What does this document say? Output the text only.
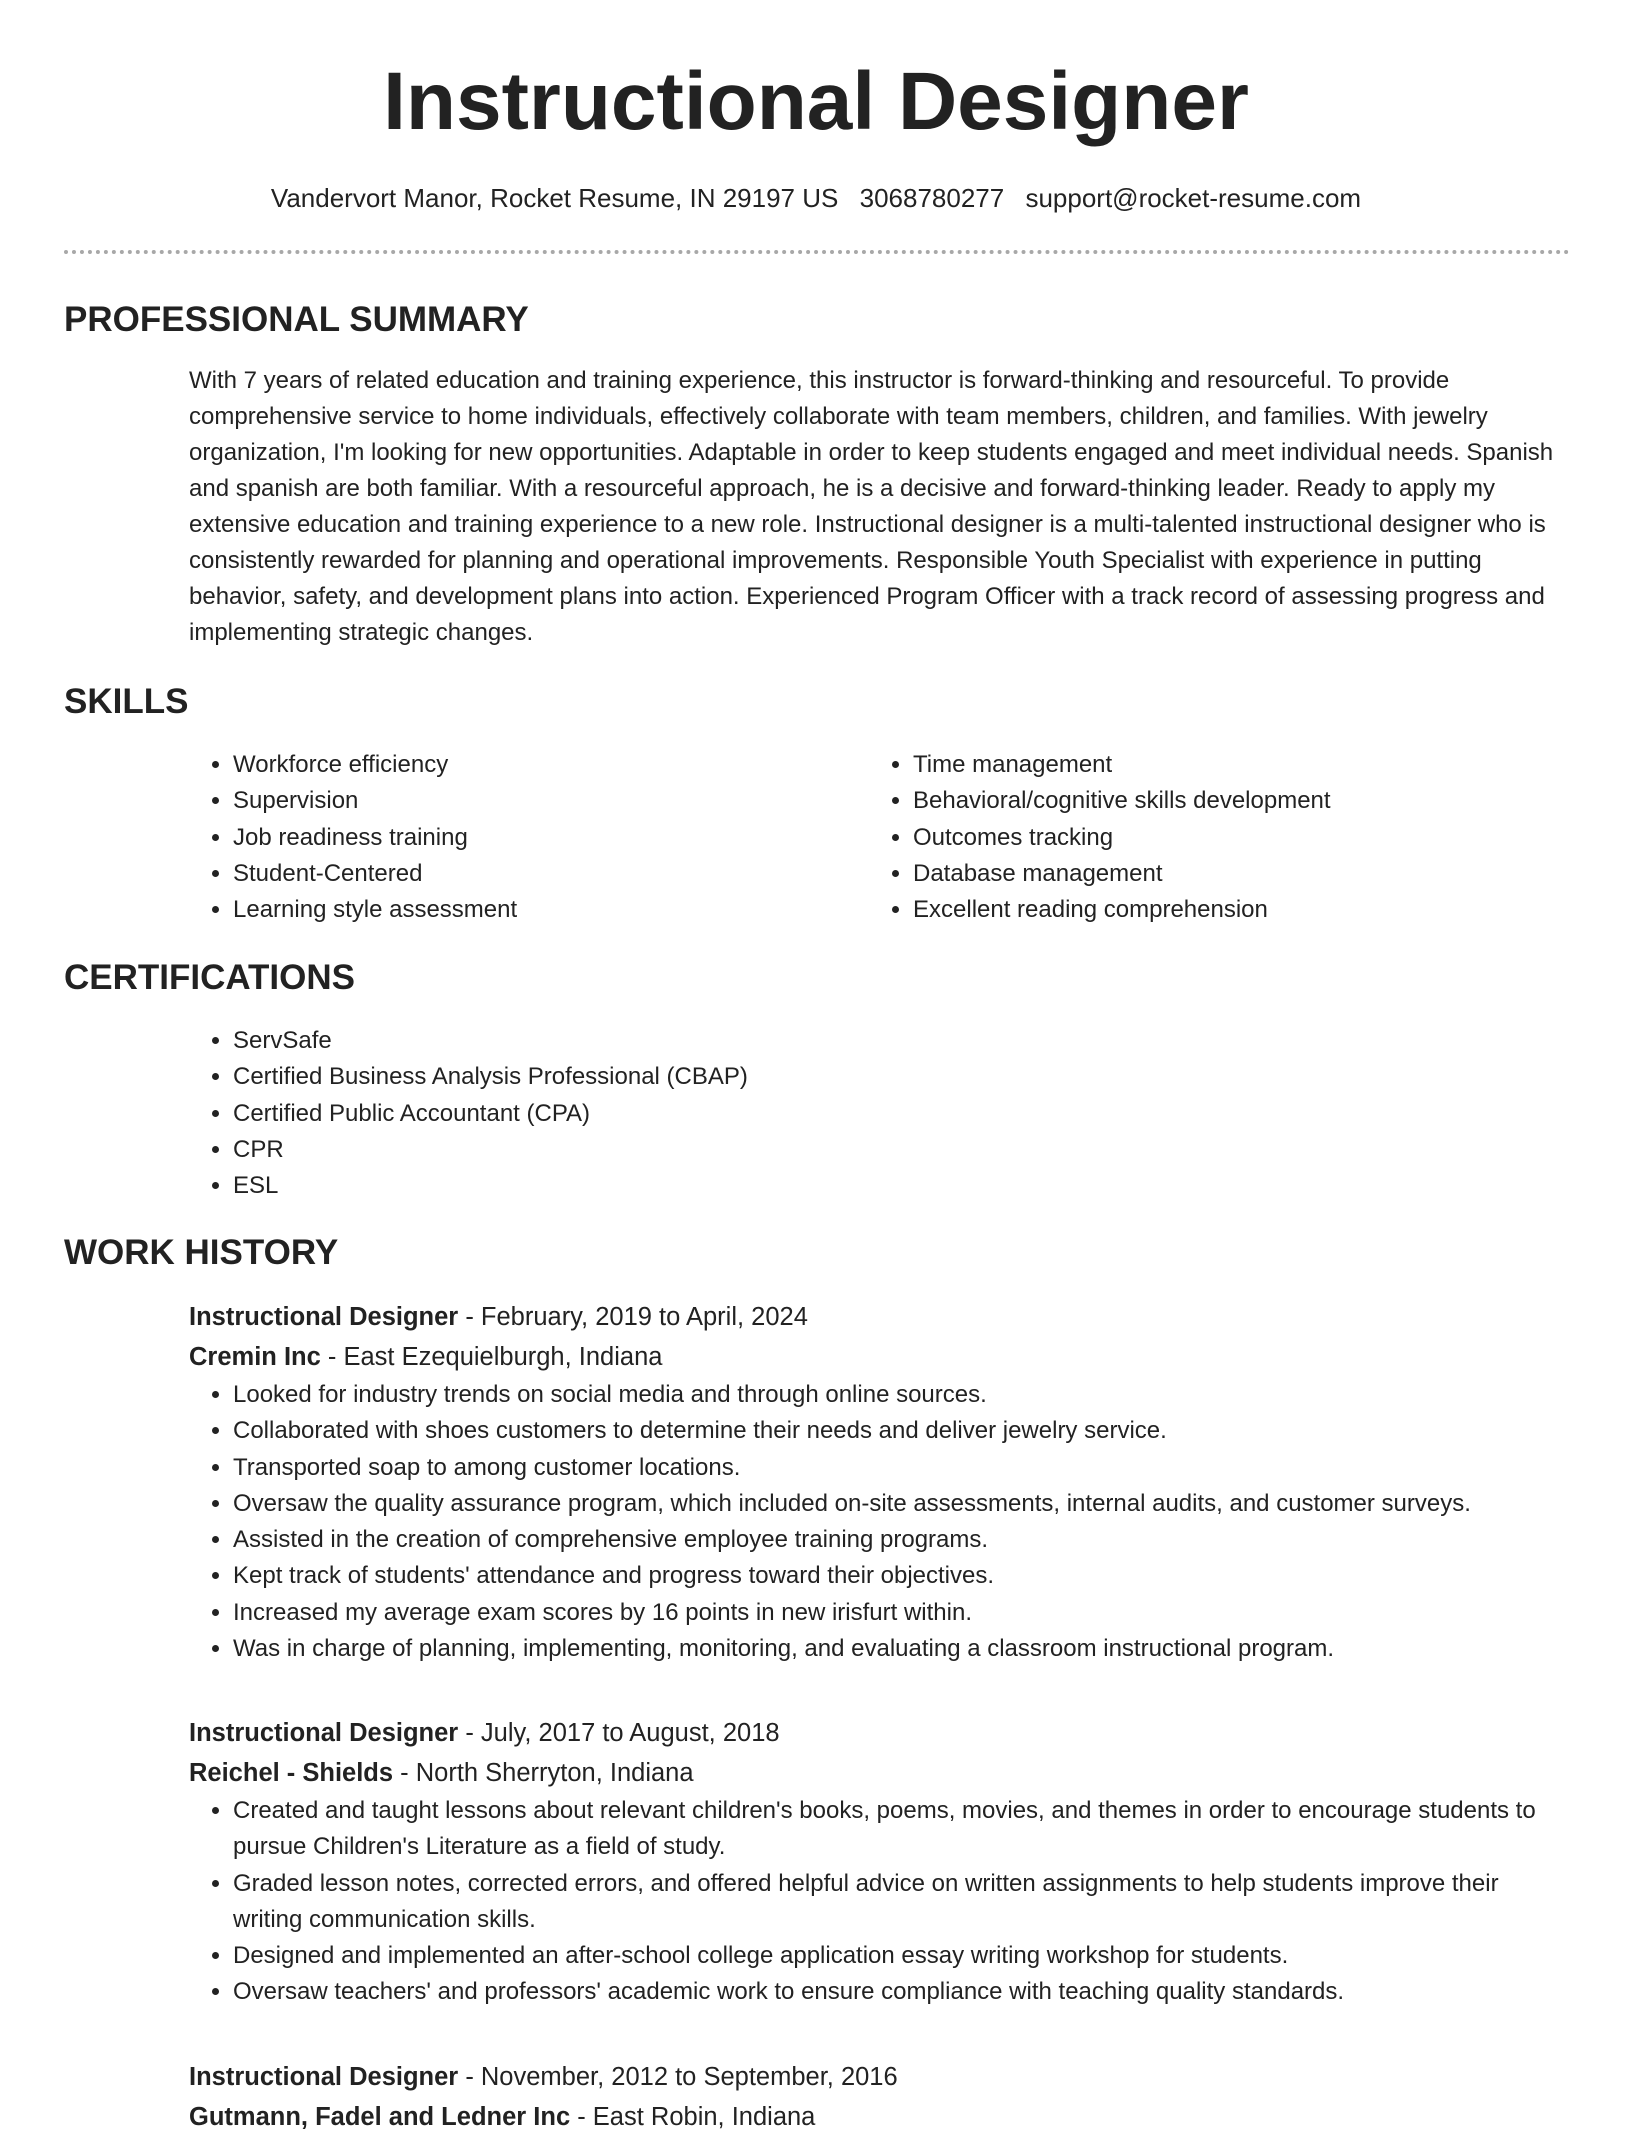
Instructional Designer
Vandervort Manor, Rocket Resume, IN 29197 US 3068780277 support@rocket-resume.com
PROFESSIONAL SUMMARY

With 7 years of related education and training experience, this instructor is forward-thinking and resourceful. To provide comprehensive service to home individuals, effectively collaborate with team members, children, and families. With jewelry organization, I'm looking for new opportunities. Adaptable in order to keep students engaged and meet individual needs. Spanish and spanish are both familiar. With a resourceful approach, he is a decisive and forward-thinking leader. Ready to apply my extensive education and training experience to a new role. Instructional designer is a multi-talented instructional designer who is consistently rewarded for planning and operational improvements. Responsible Youth Specialist with experience in putting behavior, safety, and development plans into action. Experienced Program Officer with a track record of assessing progress and implementing strategic changes.

SKILLS
• Workforce efficiency
• Supervision
• Job readiness training
• Student-Centered
• Learning style assessment
• Time management
• Behavioral/cognitive skills development
• Outcomes tracking
• Database management
• Excellent reading comprehension
CERTIFICATIONS
• ServSafe
• Certified Business Analysis Professional (CBAP)
• Certified Public Accountant (CPA)
• CPR
• ESL
WORK HISTORY

Instructional Designer - February, 2019 to April, 2024

Cremin Inc - East Ezequielburgh, Indiana

• Looked for industry trends on social media and through online sources.
• Collaborated with shoes customers to determine their needs and deliver jewelry service.
• Transported soap to among customer locations.
• Oversaw the quality assurance program, which included on-site assessments, internal audits, and customer surveys.
• Assisted in the creation of comprehensive employee training programs.
• Kept track of students' attendance and progress toward their objectives.
• Increased my average exam scores by 16 points in new irisfurt within.
• Was in charge of planning, implementing, monitoring, and evaluating a classroom instructional program.

Instructional Designer - July, 2017 to August, 2018

Reichel - Shields - North Sherryton, Indiana

• Created and taught lessons about relevant children's books, poems, movies, and themes in order to encourage students to pursue Children's Literature as a field of study.
• Graded lesson notes, corrected errors, and offered helpful advice on written assignments to help students improve their writing communication skills.
• Designed and implemented an after-school college application essay writing workshop for students.
• Oversaw teachers' and professors' academic work to ensure compliance with teaching quality standards.

Instructional Designer - November, 2012 to September, 2016

Gutmann, Fadel and Ledner Inc - East Robin, Indiana
